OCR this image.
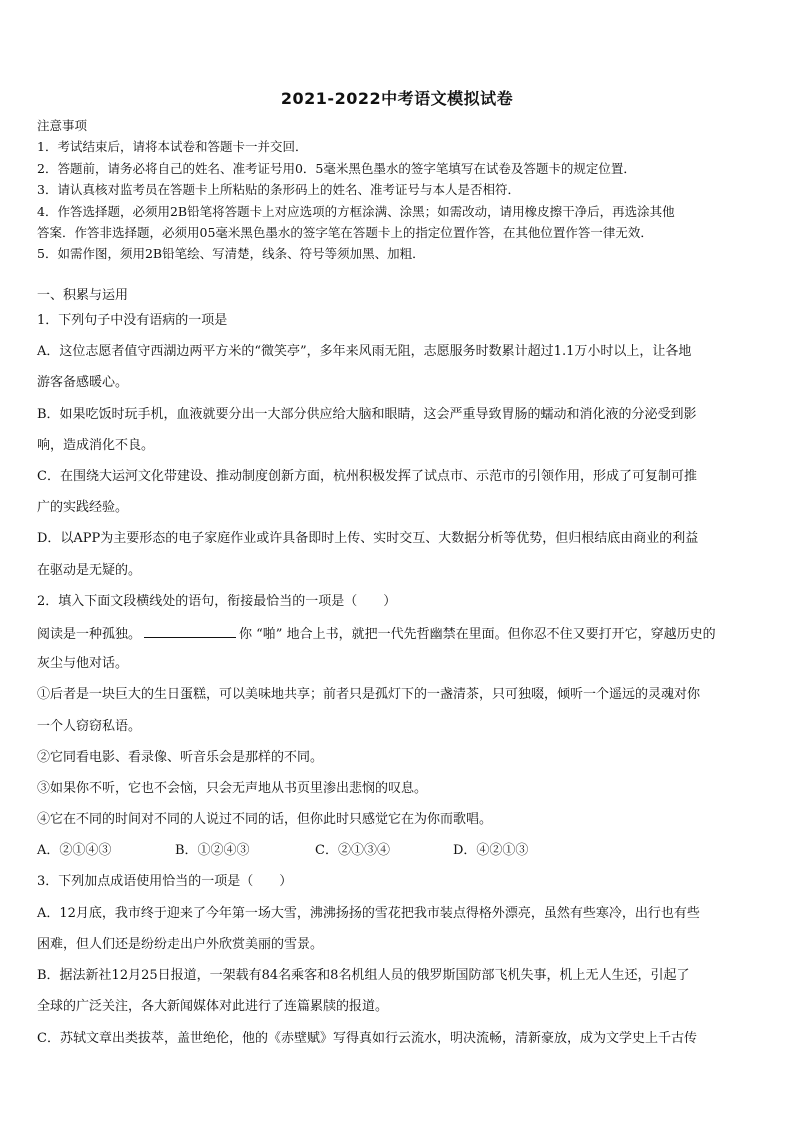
2021-2022中考语文模拟试卷
注意事项
1．考试结束后，请将本试卷和答题卡一并交回．
2．答题前，请务必将自己的姓名、准考证号用0．5毫米黑色墨水的签字笔填写在试卷及答题卡的规定位置．
3．请认真核对监考员在答题卡上所粘贴的条形码上的姓名、准考证号与本人是否相符．
4．作答选择题，必须用2B铅笔将答题卡上对应选项的方框涂满、涂黑；如需改动，请用橡皮擦干净后，再选涂其他
答案．作答非选择题，必须用05毫米黑色墨水的签字笔在答题卡上的指定位置作答，在其他位置作答一律无效．
5．如需作图，须用2B铅笔绘、写清楚，线条、符号等须加黑、加粗．
一、积累与运用
1．下列句子中没有语病的一项是
A．这位志愿者值守西湖边两平方米的“微笑亭”，多年来风雨无阻，志愿服务时数累计超过1.1万小时以上，让各地
游客备感暖心。
B．如果吃饭时玩手机，血液就要分出一大部分供应给大脑和眼睛，这会严重导致胃肠的蠕动和消化液的分泌受到影
响，造成消化不良。
C．在围绕大运河文化带建设、推动制度创新方面，杭州积极发挥了试点市、示范市的引领作用，形成了可复制可推
广的实践经验。
D．以APP为主要形态的电子家庭作业或许具备即时上传、实时交互、大数据分析等优势，但归根结底由商业的利益
在驱动是无疑的。
2．填入下面文段横线处的语句，衔接最恰当的一项是（　　）
阅读是一种孤独。	你 “啪” 地合上书，就把一代先哲幽禁在里面。但你忍不住又要打开它，穿越历史的
灰尘与他对话。
①后者是一块巨大的生日蛋糕，可以美味地共享；前者只是孤灯下的一盏清茶，只可独啜，倾听一个遥远的灵魂对你
一个人窃窃私语。
②它同看电影、看录像、听音乐会是那样的不同。
③如果你不听，它也不会恼，只会无声地从书页里渗出悲悯的叹息。
④它在不同的时间对不同的人说过不同的话，但你此时只感觉它在为你而歌唱。
A．②①④③	B．①②④③	C．②①③④	D．④②①③
3．下列加点成语使用恰当的一项是（　　）
A．12月底，我市终于迎来了今年第一场大雪，沸沸扬扬的雪花把我市装点得格外漂亮，虽然有些寒冷，出行也有些
困难，但人们还是纷纷走出户外欣赏美丽的雪景。
B．据法新社12月25日报道，一架载有84名乘客和8名机组人员的俄罗斯国防部飞机失事，机上无人生还，引起了
全球的广泛关注，各大新闻媒体对此进行了连篇累牍的报道。
C．苏轼文章出类拔萃，盖世绝伦，他的《赤壁赋》写得真如行云流水，明决流畅，清新豪放，成为文学史上千古传
